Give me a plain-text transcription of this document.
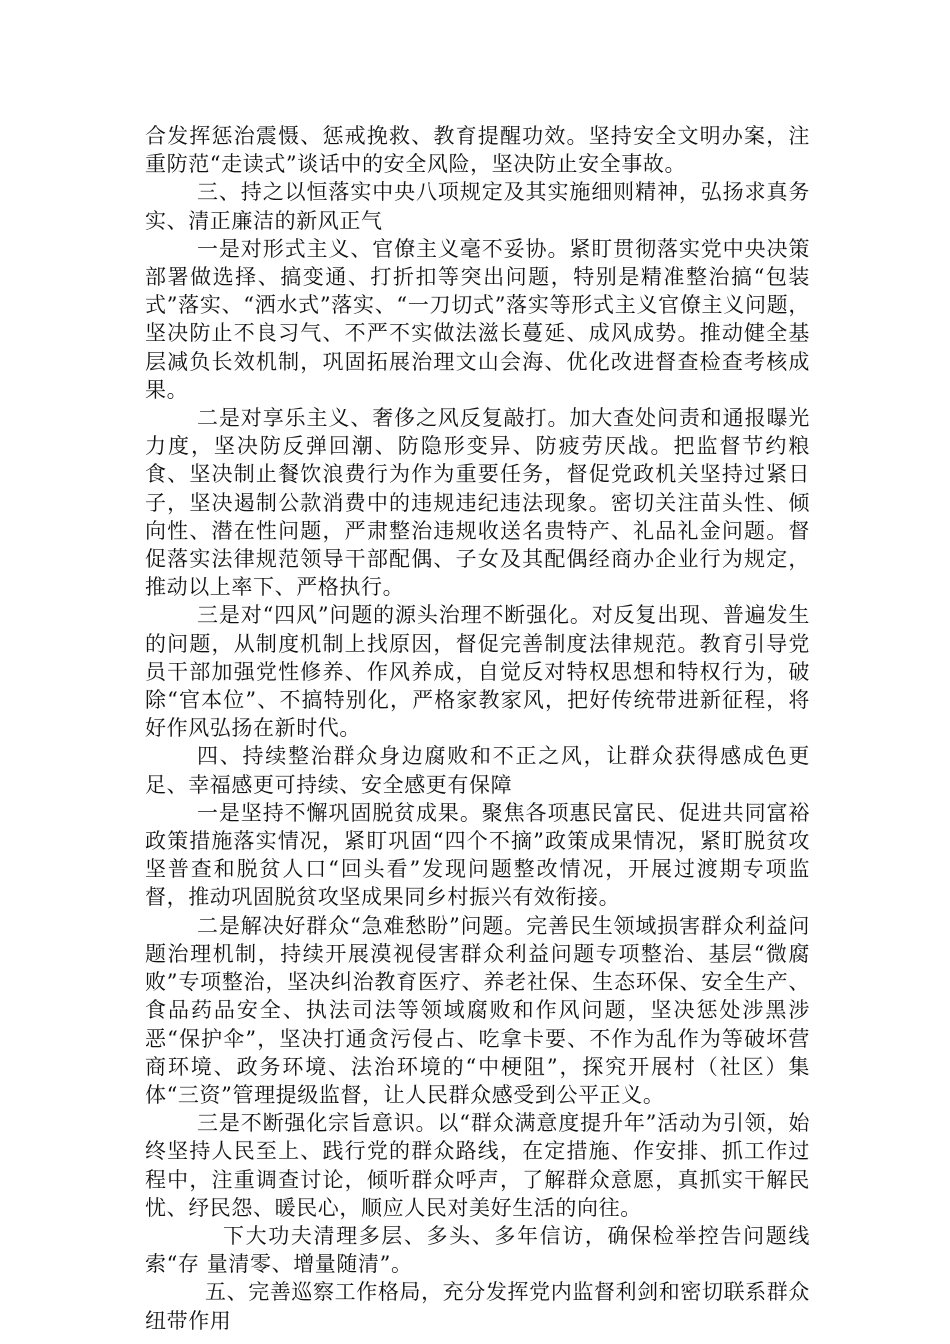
合发挥惩治震慑、惩戒挽救、教育提醒功效。坚持安全文明办案，注重防范“走读式”谈话中的安全风险，坚决防止安全事故。

三、持之以恒落实中央八项规定及其实施细则精神，弘扬求真务实、清正廉洁的新风正气

一是对形式主义、官僚主义毫不妥协。紧盯贯彻落实党中央决策部署做选择、搞变通、打折扣等突出问题，特别是精准整治搞“包装式”落实、“洒水式”落实、“一刀切式”落实等形式主义官僚主义问题，坚决防止不良习气、不严不实做法滋长蔓延、成风成势。推动健全基层减负长效机制，巩固拓展治理文山会海、优化改进督查检查考核成果。

二是对享乐主义、奢侈之风反复敲打。加大查处问责和通报曝光力度，坚决防反弹回潮、防隐形变异、防疲劳厌战。把监督节约粮食、坚决制止餐饮浪费行为作为重要任务，督促党政机关坚持过紧日子，坚决遏制公款消费中的违规违纪违法现象。密切关注苗头性、倾向性、潜在性问题，严肃整治违规收送名贵特产、礼品礼金问题。督促落实法律规范领导干部配偶、子女及其配偶经商办企业行为规定，推动以上率下、严格执行。

三是对“四风”问题的源头治理不断强化。对反复出现、普遍发生的问题，从制度机制上找原因，督促完善制度法律规范。教育引导党员干部加强党性修养、作风养成，自觉反对特权思想和特权行为，破除“官本位”、不搞特别化，严格家教家风，把好传统带进新征程，将好作风弘扬在新时代。

四、持续整治群众身边腐败和不正之风，让群众获得感成色更足、幸福感更可持续、安全感更有保障

一是坚持不懈巩固脱贫成果。聚焦各项惠民富民、促进共同富裕政策措施落实情况，紧盯巩固“四个不摘”政策成果情况，紧盯脱贫攻坚普查和脱贫人口“回头看”发现问题整改情况，开展过渡期专项监督，推动巩固脱贫攻坚成果同乡村振兴有效衔接。

二是解决好群众“急难愁盼”问题。完善民生领域损害群众利益问题治理机制，持续开展漠视侵害群众利益问题专项整治、基层“微腐败”专项整治，坚决纠治教育医疗、养老社保、生态环保、安全生产、食品药品安全、执法司法等领域腐败和作风问题，坚决惩处涉黑涉恶“保护伞”，坚决打通贪污侵占、吃拿卡要、不作为乱作为等破坏营商环境、政务环境、法治环境的“中梗阻”，探究开展村（社区）集体“三资”管理提级监督，让人民群众感受到公平正义。

三是不断强化宗旨意识。以“群众满意度提升年”活动为引领，始终坚持人民至上、践行党的群众路线，在定措施、作安排、抓工作过程中，注重调查讨论，倾听群众呼声，了解群众意愿，真抓实干解民忧、纾民怨、暖民心，顺应人民对美好生活的向往。

下大功夫清理多层、多头、多年信访，确保检举控告问题线索“存 量清零、增量随清”。

五、完善巡察工作格局，充分发挥党内监督利剑和密切联系群众纽带作用
